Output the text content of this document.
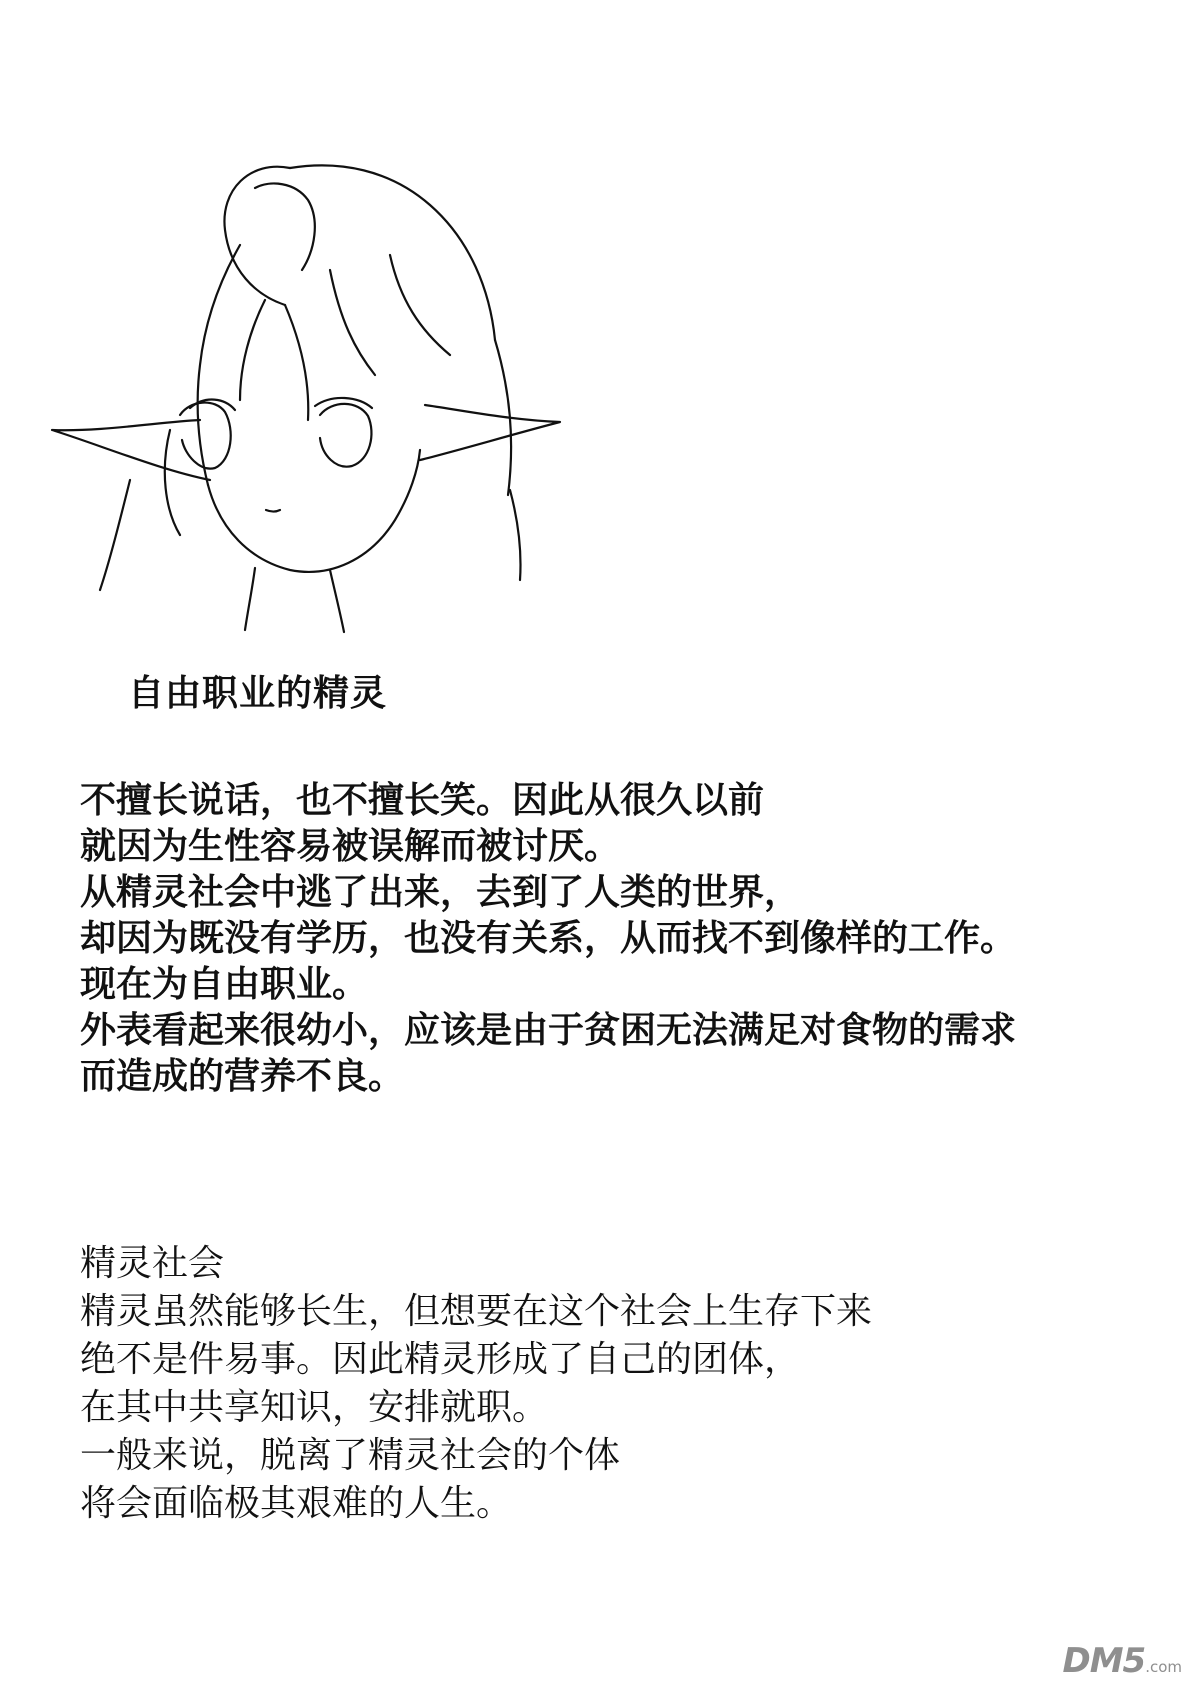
自由职业的精灵
不擅长说话，也不擅长笑。因此从很久以前
就因为生性容易被误解而被讨厌。
从精灵社会中逃了出来，去到了人类的世界，
却因为既没有学历，也没有关系，从而找不到像样的工作。
现在为自由职业。
外表看起来很幼小，应该是由于贫困无法满足对食物的需求
而造成的营养不良。
精灵社会
精灵虽然能够长生，但想要在这个社会上生存下来
绝不是件易事。因此精灵形成了自己的团体，
在其中共享知识，安排就职。
一般来说，脱离了精灵社会的个体
将会面临极其艰难的人生。
DM5.com
